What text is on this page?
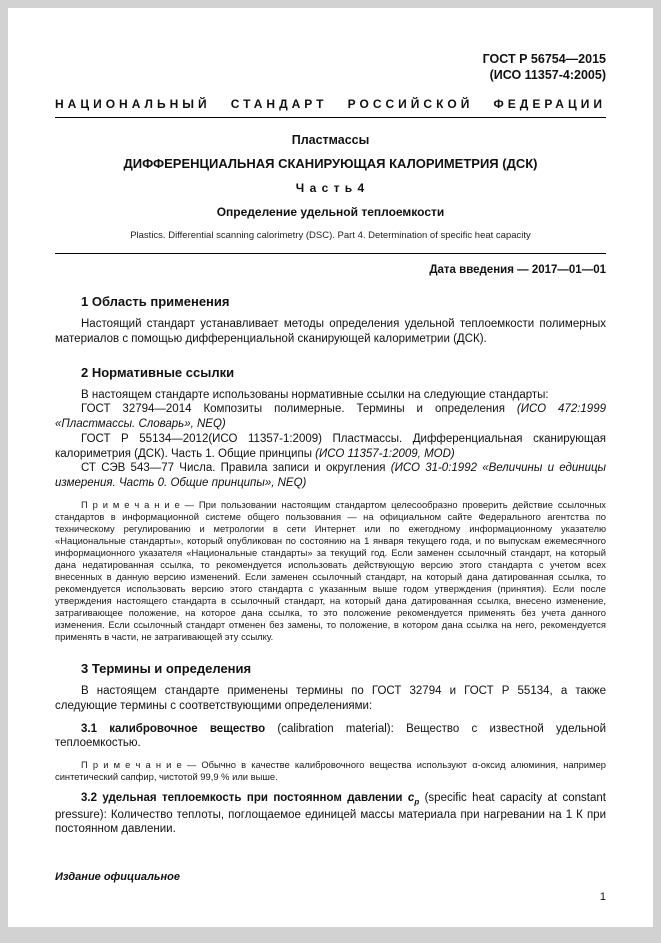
ГОСТ Р 56754—2015
(ИСО 11357-4:2005)
НАЦИОНАЛЬНЫЙ СТАНДАРТ РОССИЙСКОЙ ФЕДЕРАЦИИ
Пластмассы
ДИФФЕРЕНЦИАЛЬНАЯ СКАНИРУЮЩАЯ КАЛОРИМЕТРИЯ (ДСК)
Ч а с т ь 4
Определение удельной теплоемкости
Plastics. Differential scanning calorimetry (DSC). Part 4. Determination of specific heat capacity
Дата введения — 2017—01—01
1 Область применения

Настоящий стандарт устанавливает методы определения удельной теплоемкости полимерных материалов с помощью дифференциальной сканирующей калориметрии (ДСК).

2 Нормативные ссылки

В настоящем стандарте использованы нормативные ссылки на следующие стандарты:

ГОСТ 32794—2014 Композиты полимерные. Термины и определения (ИСО 472:1999 «Пластмассы. Словарь», NEQ)

ГОСТ Р 55134—2012(ИСО 11357-1:2009) Пластмассы. Дифференциальная сканирующая калориметрия (ДСК). Часть 1. Общие принципы (ИСО 11357-1:2009, MOD)

СТ СЭВ 543—77 Числа. Правила записи и округления (ИСО 31-0:1992 «Величины и единицы измерения. Часть 0. Общие принципы», NEQ)

П р и м е ч а н и е — При пользовании настоящим стандартом целесообразно проверить действие ссылочных стандартов в информационной системе общего пользования — на официальном сайте Федерального агентства по техническому регулированию и метрологии в сети Интернет или по ежегодному информационному указателю «Национальные стандарты», который опубликован по состоянию на 1 января текущего года, и по выпускам ежемесячного информационного указателя «Национальные стандарты» за текущий год. Если заменен ссылочный стандарт, на который дана недатированная ссылка, то рекомендуется использовать действующую версию этого стандарта с учетом всех внесенных в данную версию изменений. Если заменен ссылочный стандарт, на который дана датированная ссылка, то рекомендуется использовать версию этого стандарта с указанным выше годом утверждения (принятия). Если после утверждения настоящего стандарта в ссылочный стандарт, на который дана датированная ссылка, внесено изменение, затрагивающее положение, на которое дана ссылка, то это положение рекомендуется применять без учета данного изменения. Если ссылочный стандарт отменен без замены, то положение, в котором дана ссылка на него, рекомендуется применять в части, не затрагивающей эту ссылку.

3 Термины и определения

В настоящем стандарте применены термины по ГОСТ 32794 и ГОСТ Р 55134, а также следующие термины с соответствующими определениями:

3.1 калибровочное вещество (calibration material): Вещество с известной удельной теплоемкостью.

П р и м е ч а н и е — Обычно в качестве калибровочного вещества используют α-оксид алюминия, например синтетический сапфир, чистотой 99,9 % или выше.

3.2 удельная теплоемкость при постоянном давлении $c_p$ (specific heat capacity at constant pressure): Количество теплоты, поглощаемое единицей массы материала при нагревании на 1 К при постоянном давлении.

Издание официальное
1
